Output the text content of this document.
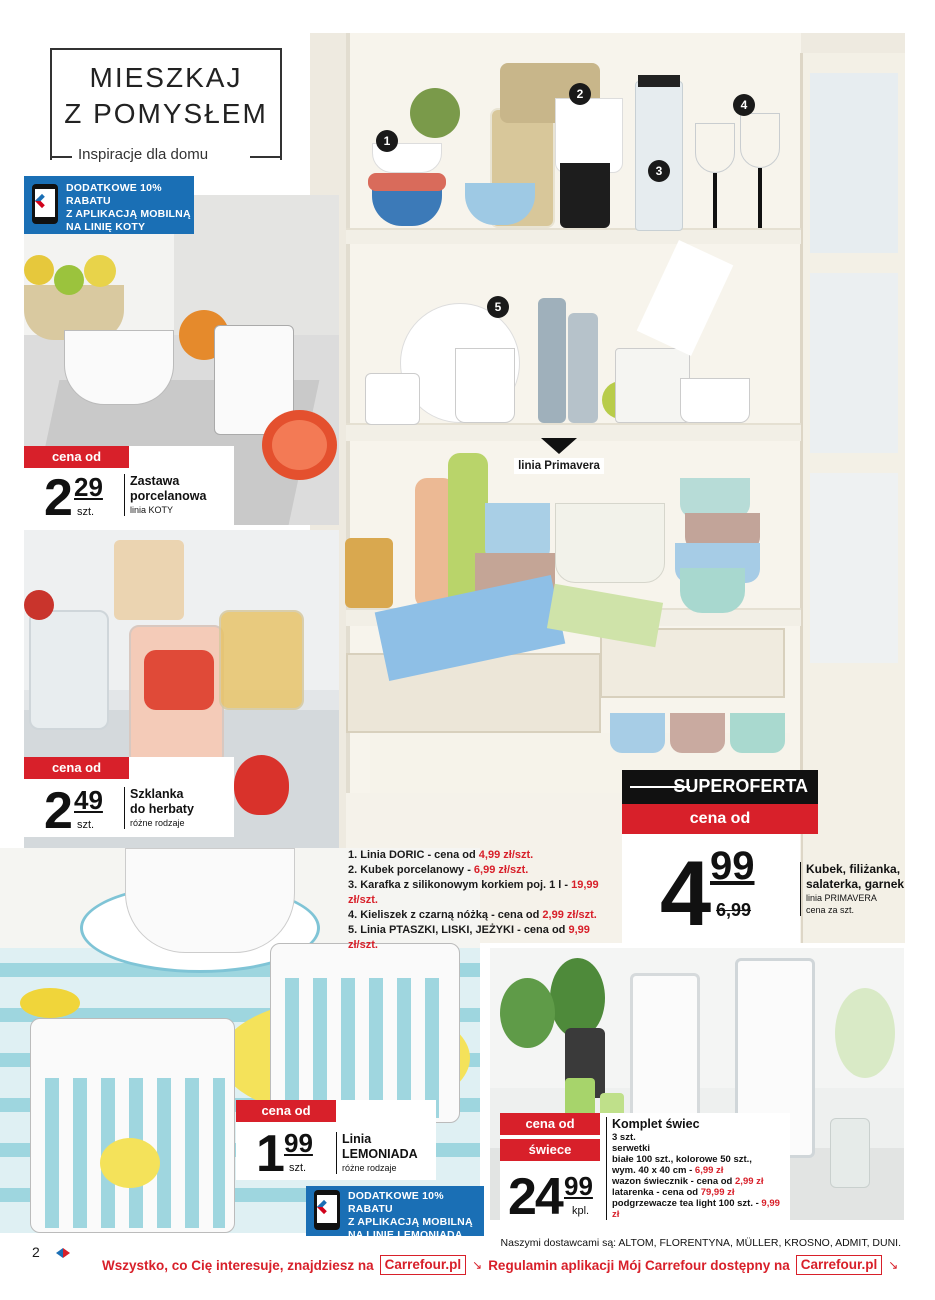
DODATKOWE 10% RABATU
Z APLIKACJĄ MOBILNĄ
NA LINIĘ KOTY
MIESZKAJ
Z POMYSŁEM
Inspiracje dla domu
cena od
2 29
szt.
Zastawa
porcelanowa
linia KOTY
cena od
2 49
szt.
Szklanka
do herbaty
różne rodzaje
cena od
1 99
szt.
Linia
LEMONIADA
różne rodzaje
DODATKOWE 10% RABATU
Z APLIKACJĄ MOBILNĄ
NA LINIĘ LEMONIADA
cena od
świece
24 99
kpl.
Komplet świec
3 szt.
serwetki
białe 100 szt., kolorowe 50 szt.,
wym. 40 x 40 cm - 6,99 zł
wazon świecznik - cena od 2,99 zł
latarenka - cena od 79,99 zł
podgrzewacze tea light 100 szt. - 9,99 zł
1
2
3
4
5
linia Primavera
SUPEROFERTA
cena od
4 99
6,99
Kubek, filiżanka,
salaterka, garnek
linia PRIMAVERA
cena za szt.
1. Linia DORIC - cena od 4,99 zł/szt.
2. Kubek porcelanowy - 6,99 zł/szt.
3. Karafka z silikonowym korkiem poj. 1 l - 19,99 zł/szt.
4. Kieliszek z czarną nóżką - cena od 2,99 zł/szt.
5. Linia PTASZKI, LISKI, JEŻYKI - cena od 9,99 zł/szt.
Naszymi dostawcami są: ALTOM, FLORENTYNA, MÜLLER, KROSNO, ADMIT, DUNI.
2
Wszystko, co Cię interesuje, znajdziesz na Carrefour.pl ↘ Regulamin aplikacji Mój Carrefour dostępny na Carrefour.pl ↘
